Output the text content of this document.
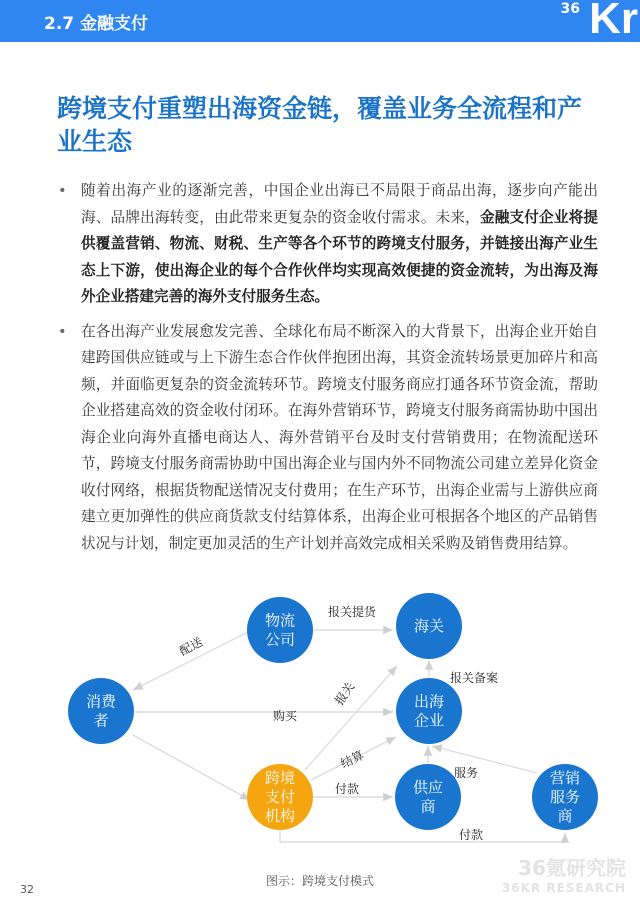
2.7 金融支付
36 Kr
跨境支付重塑出海资金链，覆盖业务全流程和产业生态
• 随着出海产业的逐渐完善，中国企业出海已不局限于商品出海，逐步向产能出海、品牌出海转变，由此带来更复杂的资金收付需求。未来，金融支付企业将提供覆盖营销、物流、财税、生产等各个环节的跨境支付服务，并链接出海产业生态上下游，使出海企业的每个合作伙伴均实现高效便捷的资金流转，为出海及海外企业搭建完善的海外支付服务生态。
• 在各出海产业发展愈发完善、全球化布局不断深入的大背景下，出海企业开始自建跨国供应链或与上下游生态合作伙伴抱团出海，其资金流转场景更加碎片和高频，并面临更复杂的资金流转环节。跨境支付服务商应打通各环节资金流，帮助企业搭建高效的资金收付闭环。在海外营销环节，跨境支付服务商需协助中国出海企业向海外直播电商达人、海外营销平台及时支付营销费用；在物流配送环节，跨境支付服务商需协助中国出海企业与国内外不同物流公司建立差异化资金收付网络，根据货物配送情况支付费用；在生产环节，出海企业需与上游供应商建立更加弹性的供应商货款支付结算体系，出海企业可根据各个地区的产品销售状况与计划，制定更加灵活的生产计划并高效完成相关采购及销售费用结算。
报关提货
配送
报关备案
购买
报关
结算
付款
服务
付款
物流
公司
海关
消费
者
出海
企业
跨境
支付
机构
供应
商
营销
服务
商
图示：跨境支付模式
32
36氪研究院
36KR RESEARCH
